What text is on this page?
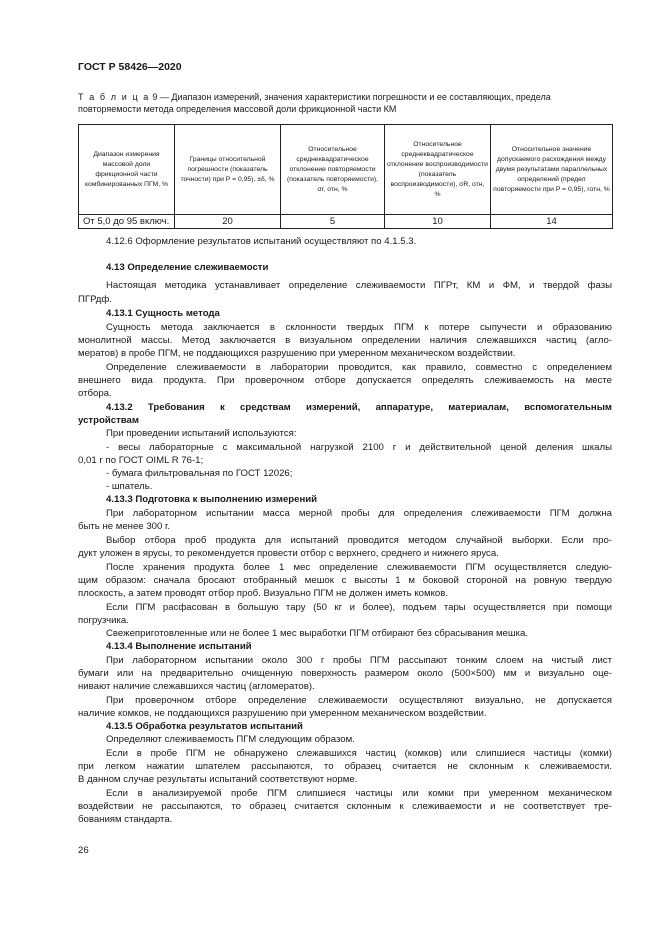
ГОСТ Р 58426—2020
Т а б л и ц а 9 — Диапазон измерений, значения характеристики погрешности и ее составляющих, предела повторяемости метода определения массовой доли фрикционной части КМ
Диапазон измерения массовой доли фрикционной части комбинированных ПГМ, %	Границы относительной погрешности (показатель точности) при P = 0,95), ±δ, %	Относительное среднеквадратическое отклонение повторяемости (показатель повторяемости), σr, отн, %	Относительное среднеквадратическое отклонение воспроизводимости (показатель воспроизводимости), σR, отн, %	Относительное значение допускаемого расхождения между двумя результатами параллельных определений (предел повторяемости при P = 0,95), rотн, %
От 5,0 до 95 включ.	20	5	10	14
4.12.6 Оформление результатов испытаний осуществляют по 4.1.5.3.
4.13 Определение слеживаемости
Настоящая методика устанавливает определение слеживаемости ПГРт, КМ и ФМ, и твердой фазы
ПГРдф.
4.13.1 Сущность метода
Сущность метода заключается в склонности твердых ПГМ к потере сыпучести и образованию
монолитной массы. Метод заключается в визуальном определении наличия слежавшихся частиц (агло-
мератов) в пробе ПГМ, не поддающихся разрушению при умеренном механическом воздействии.
Определение слеживаемости в лаборатории проводится, как правило, совместно с определением
внешнего вида продукта. При проверочном отборе допускается определять слеживаемость на месте
отбора.
4.13.2 Требования к средствам измерений, аппаратуре, материалам, вспомогательным
устройствам
При проведении испытаний используются:
- весы лабораторные с максимальной нагрузкой 2100 г и действительной ценой деления шкалы
0,01 г по ГОСТ OIML R 76-1;
- бумага фильтровальная по ГОСТ 12026;
- шпатель.
4.13.3 Подготовка к выполнению измерений
При лабораторном испытании масса мерной пробы для определения слеживаемости ПГМ должна
быть не менее 300 г.
Выбор отбора проб продукта для испытаний проводится методом случайной выборки. Если про-
дукт уложен в ярусы, то рекомендуется провести отбор с верхнего, среднего и нижнего яруса.
После хранения продукта более 1 мес определение слеживаемости ПГМ осуществляется следую-
щим образом: сначала бросают отобранный мешок с высоты 1 м боковой стороной на ровную твердую
плоскость, а затем проводят отбор проб. Визуально ПГМ не должен иметь комков.
Если ПГМ расфасован в большую тару (50 кг и более), подъем тары осуществляется при помощи
погрузчика.
Свежеприготовленные или не более 1 мес выработки ПГМ отбирают без сбрасывания мешка.
4.13.4 Выполнение испытаний
При лабораторном испытании около 300 г пробы ПГМ рассыпают тонким слоем на чистый лист
бумаги или на предварительно очищенную поверхность размером около (500×500) мм и визуально оце-
нивают наличие слежавшихся частиц (агломератов).
При проверочном отборе определение слеживаемости осуществляют визуально, не допускается
наличие комков, не поддающихся разрушению при умеренном механическом воздействии.
4.13.5 Обработка результатов испытаний
Определяют слеживаемость ПГМ следующим образом.
Если в пробе ПГМ не обнаружено слежавшихся частиц (комков) или слипшиеся частицы (комки)
при легком нажатии шпателем рассыпаются, то образец считается не склонным к слеживаемости.
В данном случае результаты испытаний соответствуют норме.
Если в анализируемой пробе ПГМ слипшиеся частицы или комки при умеренном механическом
воздействии не рассыпаются, то образец считается склонным к слеживаемости и не соответствует тре-
бованиям стандарта.
26
